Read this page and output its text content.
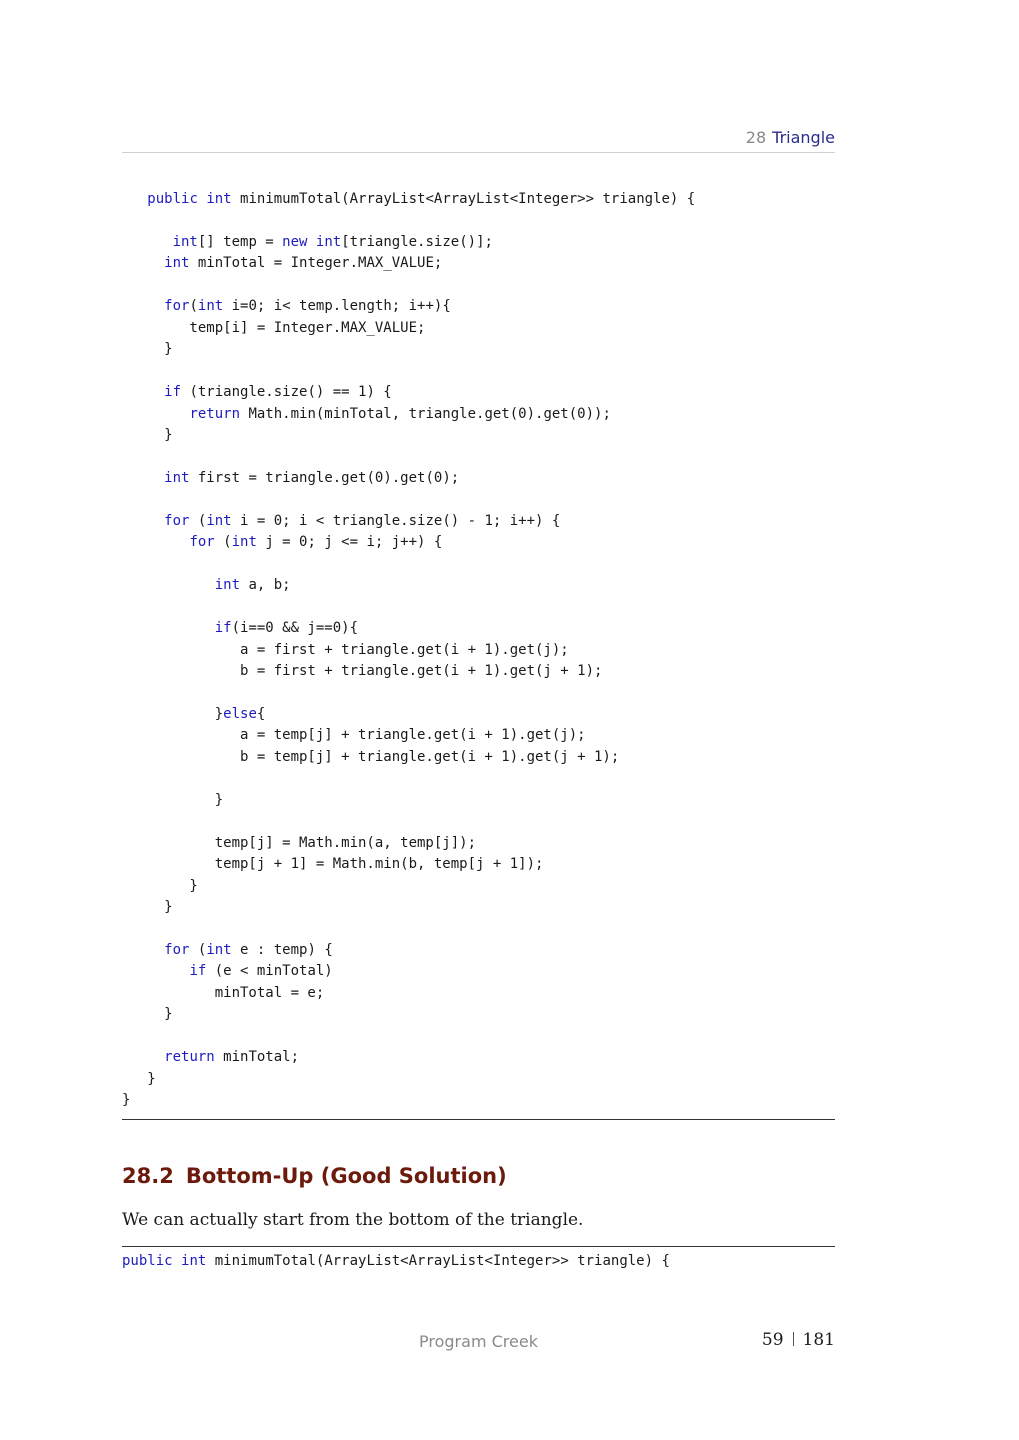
28 Triangle
public int minimumTotal(ArrayList<ArrayList<Integer>> triangle) {

int[] temp = new int[triangle.size()];
int minTotal = Integer.MAX_VALUE;

for(int i=0; i< temp.length; i++){
temp[i] = Integer.MAX_VALUE;
}

if (triangle.size() == 1) {
return Math.min(minTotal, triangle.get(0).get(0));
}

int first = triangle.get(0).get(0);

for (int i = 0; i < triangle.size() - 1; i++) {
for (int j = 0; j <= i; j++) {

int a, b;

if(i==0 && j==0){
a = first + triangle.get(i + 1).get(j);
b = first + triangle.get(i + 1).get(j + 1);

}else{
a = temp[j] + triangle.get(i + 1).get(j);
b = temp[j] + triangle.get(i + 1).get(j + 1);

}

temp[j] = Math.min(a, temp[j]);
temp[j + 1] = Math.min(b, temp[j + 1]);
}
}

for (int e : temp) {
if (e < minTotal)
minTotal = e;
}

return minTotal;
}
}
28.2 Bottom-Up (Good Solution)
We can actually start from the bottom of the triangle.
public int minimumTotal(ArrayList<ArrayList<Integer>> triangle) {
Program Creek	59 181
